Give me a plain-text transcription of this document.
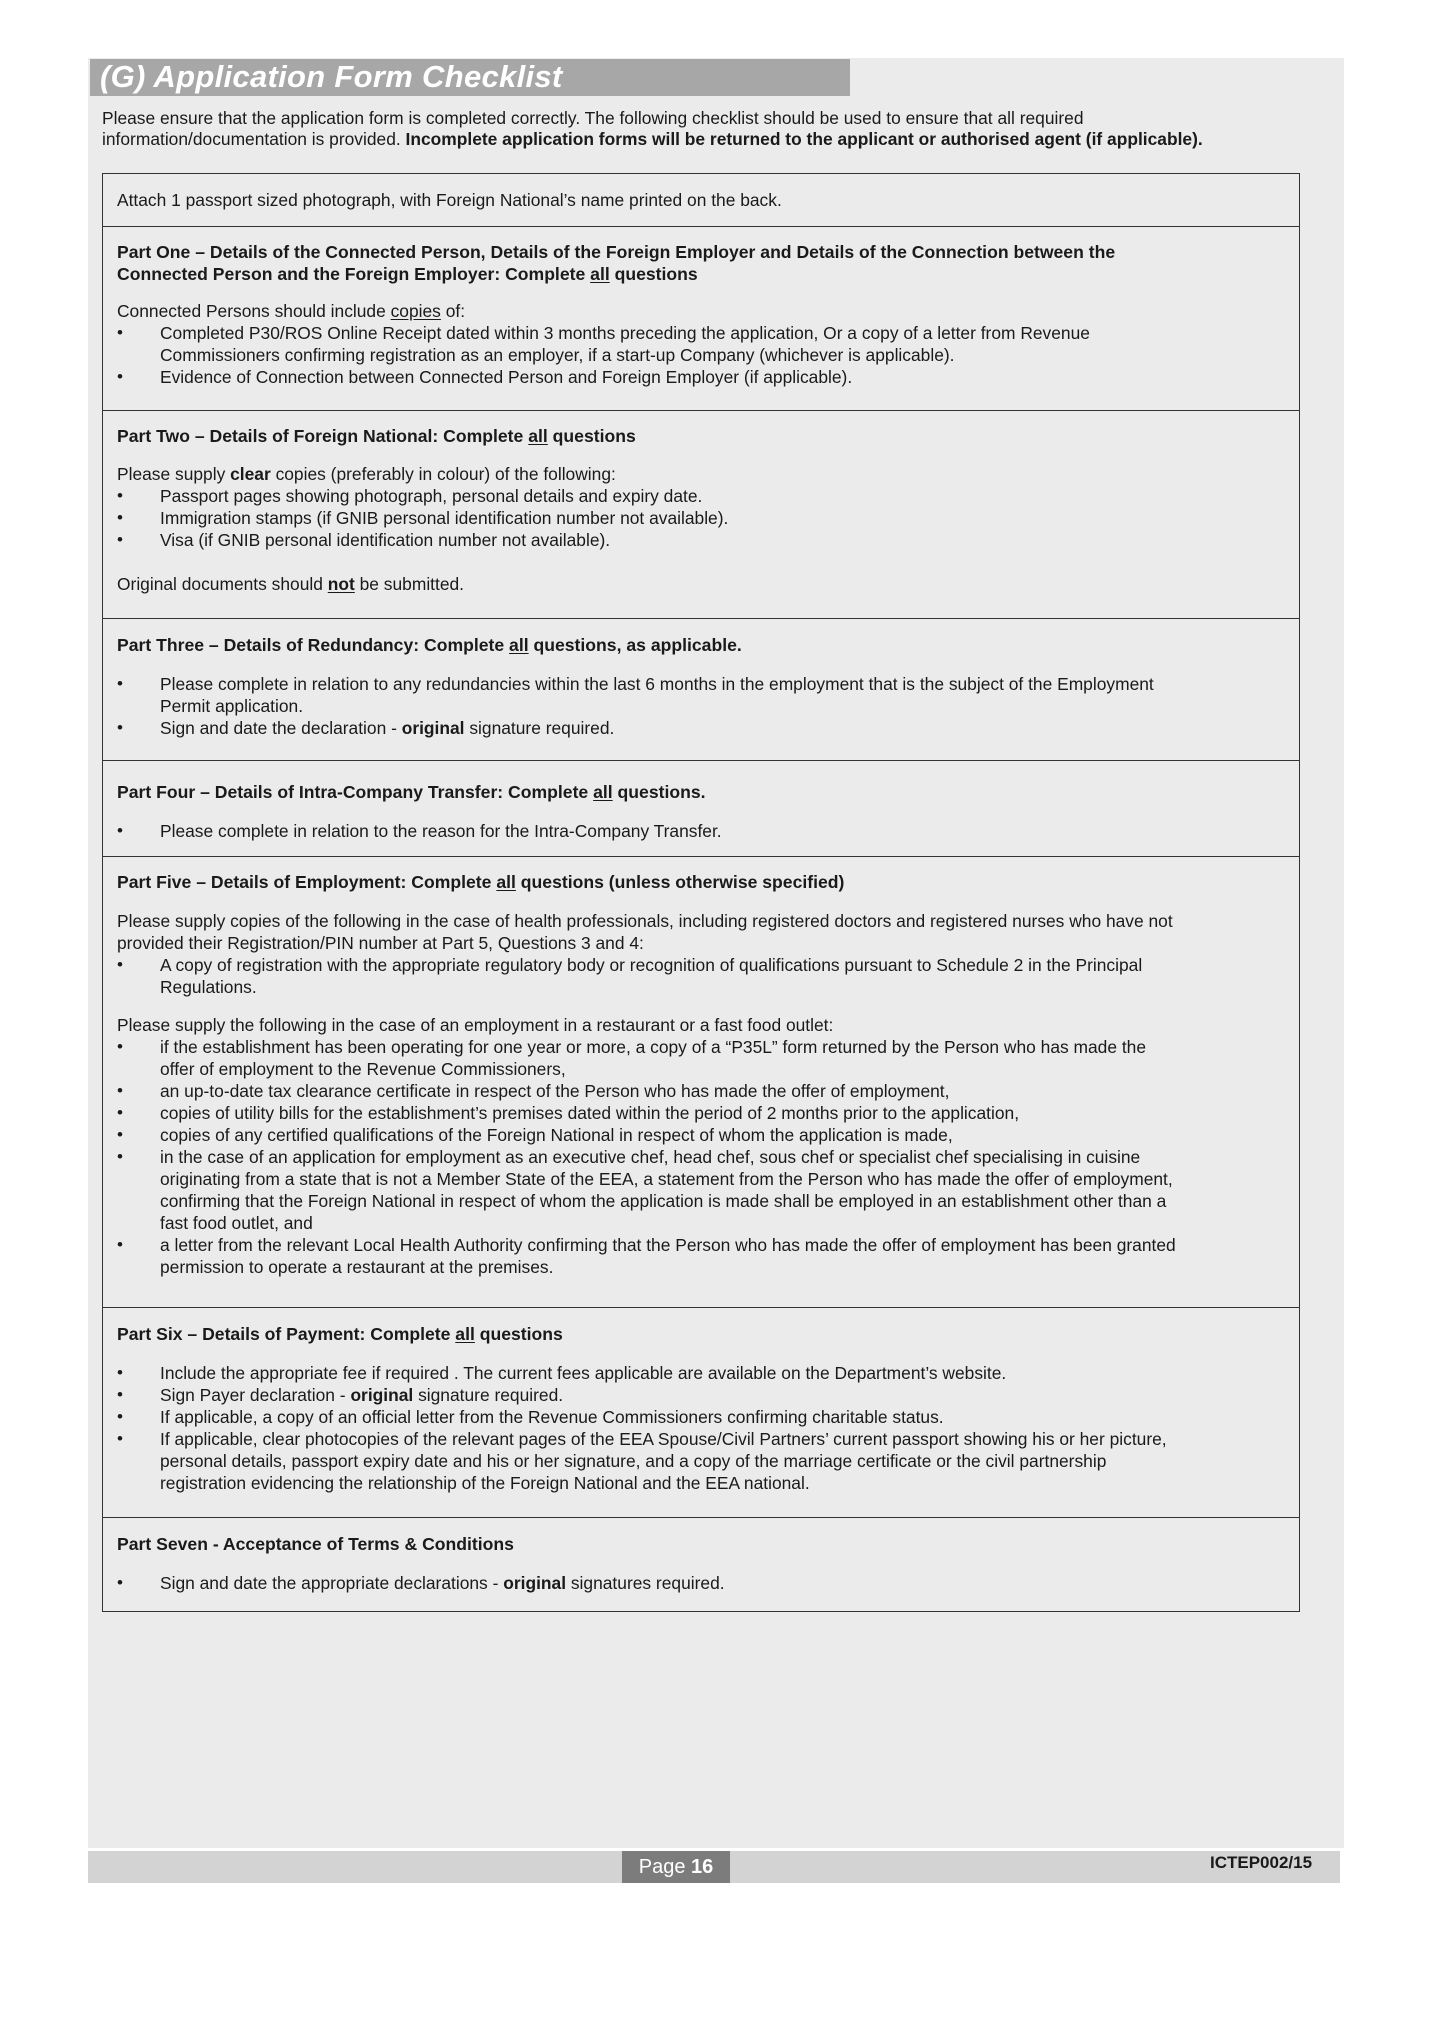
(G) Application Form Checklist
Please ensure that the application form is completed correctly. The following checklist should be used to ensure that all required
information/documentation is provided. Incomplete application forms will be returned to the applicant or authorised agent (if applicable).
Attach 1 passport sized photograph, with Foreign National’s name printed on the back.
Part One – Details of the Connected Person, Details of the Foreign Employer and Details of the Connection between the
Connected Person and the Foreign Employer: Complete all questions
Connected Persons should include copies of:
• Completed P30/ROS Online Receipt dated within 3 months preceding the application, Or a copy of a letter from Revenue
Commissioners confirming registration as an employer, if a start-up Company (whichever is applicable).
• Evidence of Connection between Connected Person and Foreign Employer (if applicable).
Part Two – Details of Foreign National: Complete all questions
Please supply clear copies (preferably in colour) of the following:
• Passport pages showing photograph, personal details and expiry date.
• Immigration stamps (if GNIB personal identification number not available).
• Visa (if GNIB personal identification number not available).
Original documents should not be submitted.
Part Three – Details of Redundancy: Complete all questions, as applicable.
• Please complete in relation to any redundancies within the last 6 months in the employment that is the subject of the Employment
Permit application.
• Sign and date the declaration - original signature required.
Part Four – Details of Intra-Company Transfer: Complete all questions.
• Please complete in relation to the reason for the Intra-Company Transfer.
Part Five – Details of Employment: Complete all questions (unless otherwise specified)
Please supply copies of the following in the case of health professionals, including registered doctors and registered nurses who have not
provided their Registration/PIN number at Part 5, Questions 3 and 4:
• A copy of registration with the appropriate regulatory body or recognition of qualifications pursuant to Schedule 2 in the Principal
Regulations.
Please supply the following in the case of an employment in a restaurant or a fast food outlet:
• if the establishment has been operating for one year or more, a copy of a “P35L” form returned by the Person who has made the
offer of employment to the Revenue Commissioners,
• an up-to-date tax clearance certificate in respect of the Person who has made the offer of employment,
• copies of utility bills for the establishment’s premises dated within the period of 2 months prior to the application,
• copies of any certified qualifications of the Foreign National in respect of whom the application is made,
• in the case of an application for employment as an executive chef, head chef, sous chef or specialist chef specialising in cuisine
originating from a state that is not a Member State of the EEA, a statement from the Person who has made the offer of employment,
confirming that the Foreign National in respect of whom the application is made shall be employed in an establishment other than a
fast food outlet, and
• a letter from the relevant Local Health Authority confirming that the Person who has made the offer of employment has been granted
permission to operate a restaurant at the premises.
Part Six – Details of Payment: Complete all questions
• Include the appropriate fee if required . The current fees applicable are available on the Department’s website.
• Sign Payer declaration - original signature required.
• If applicable, a copy of an official letter from the Revenue Commissioners confirming charitable status.
• If applicable, clear photocopies of the relevant pages of the EEA Spouse/Civil Partners’ current passport showing his or her picture,
personal details, passport expiry date and his or her signature, and a copy of the marriage certificate or the civil partnership
registration evidencing the relationship of the Foreign National and the EEA national.
Part Seven - Acceptance of Terms & Conditions
• Sign and date the appropriate declarations - original signatures required.
Page 16	ICTEP002/15
